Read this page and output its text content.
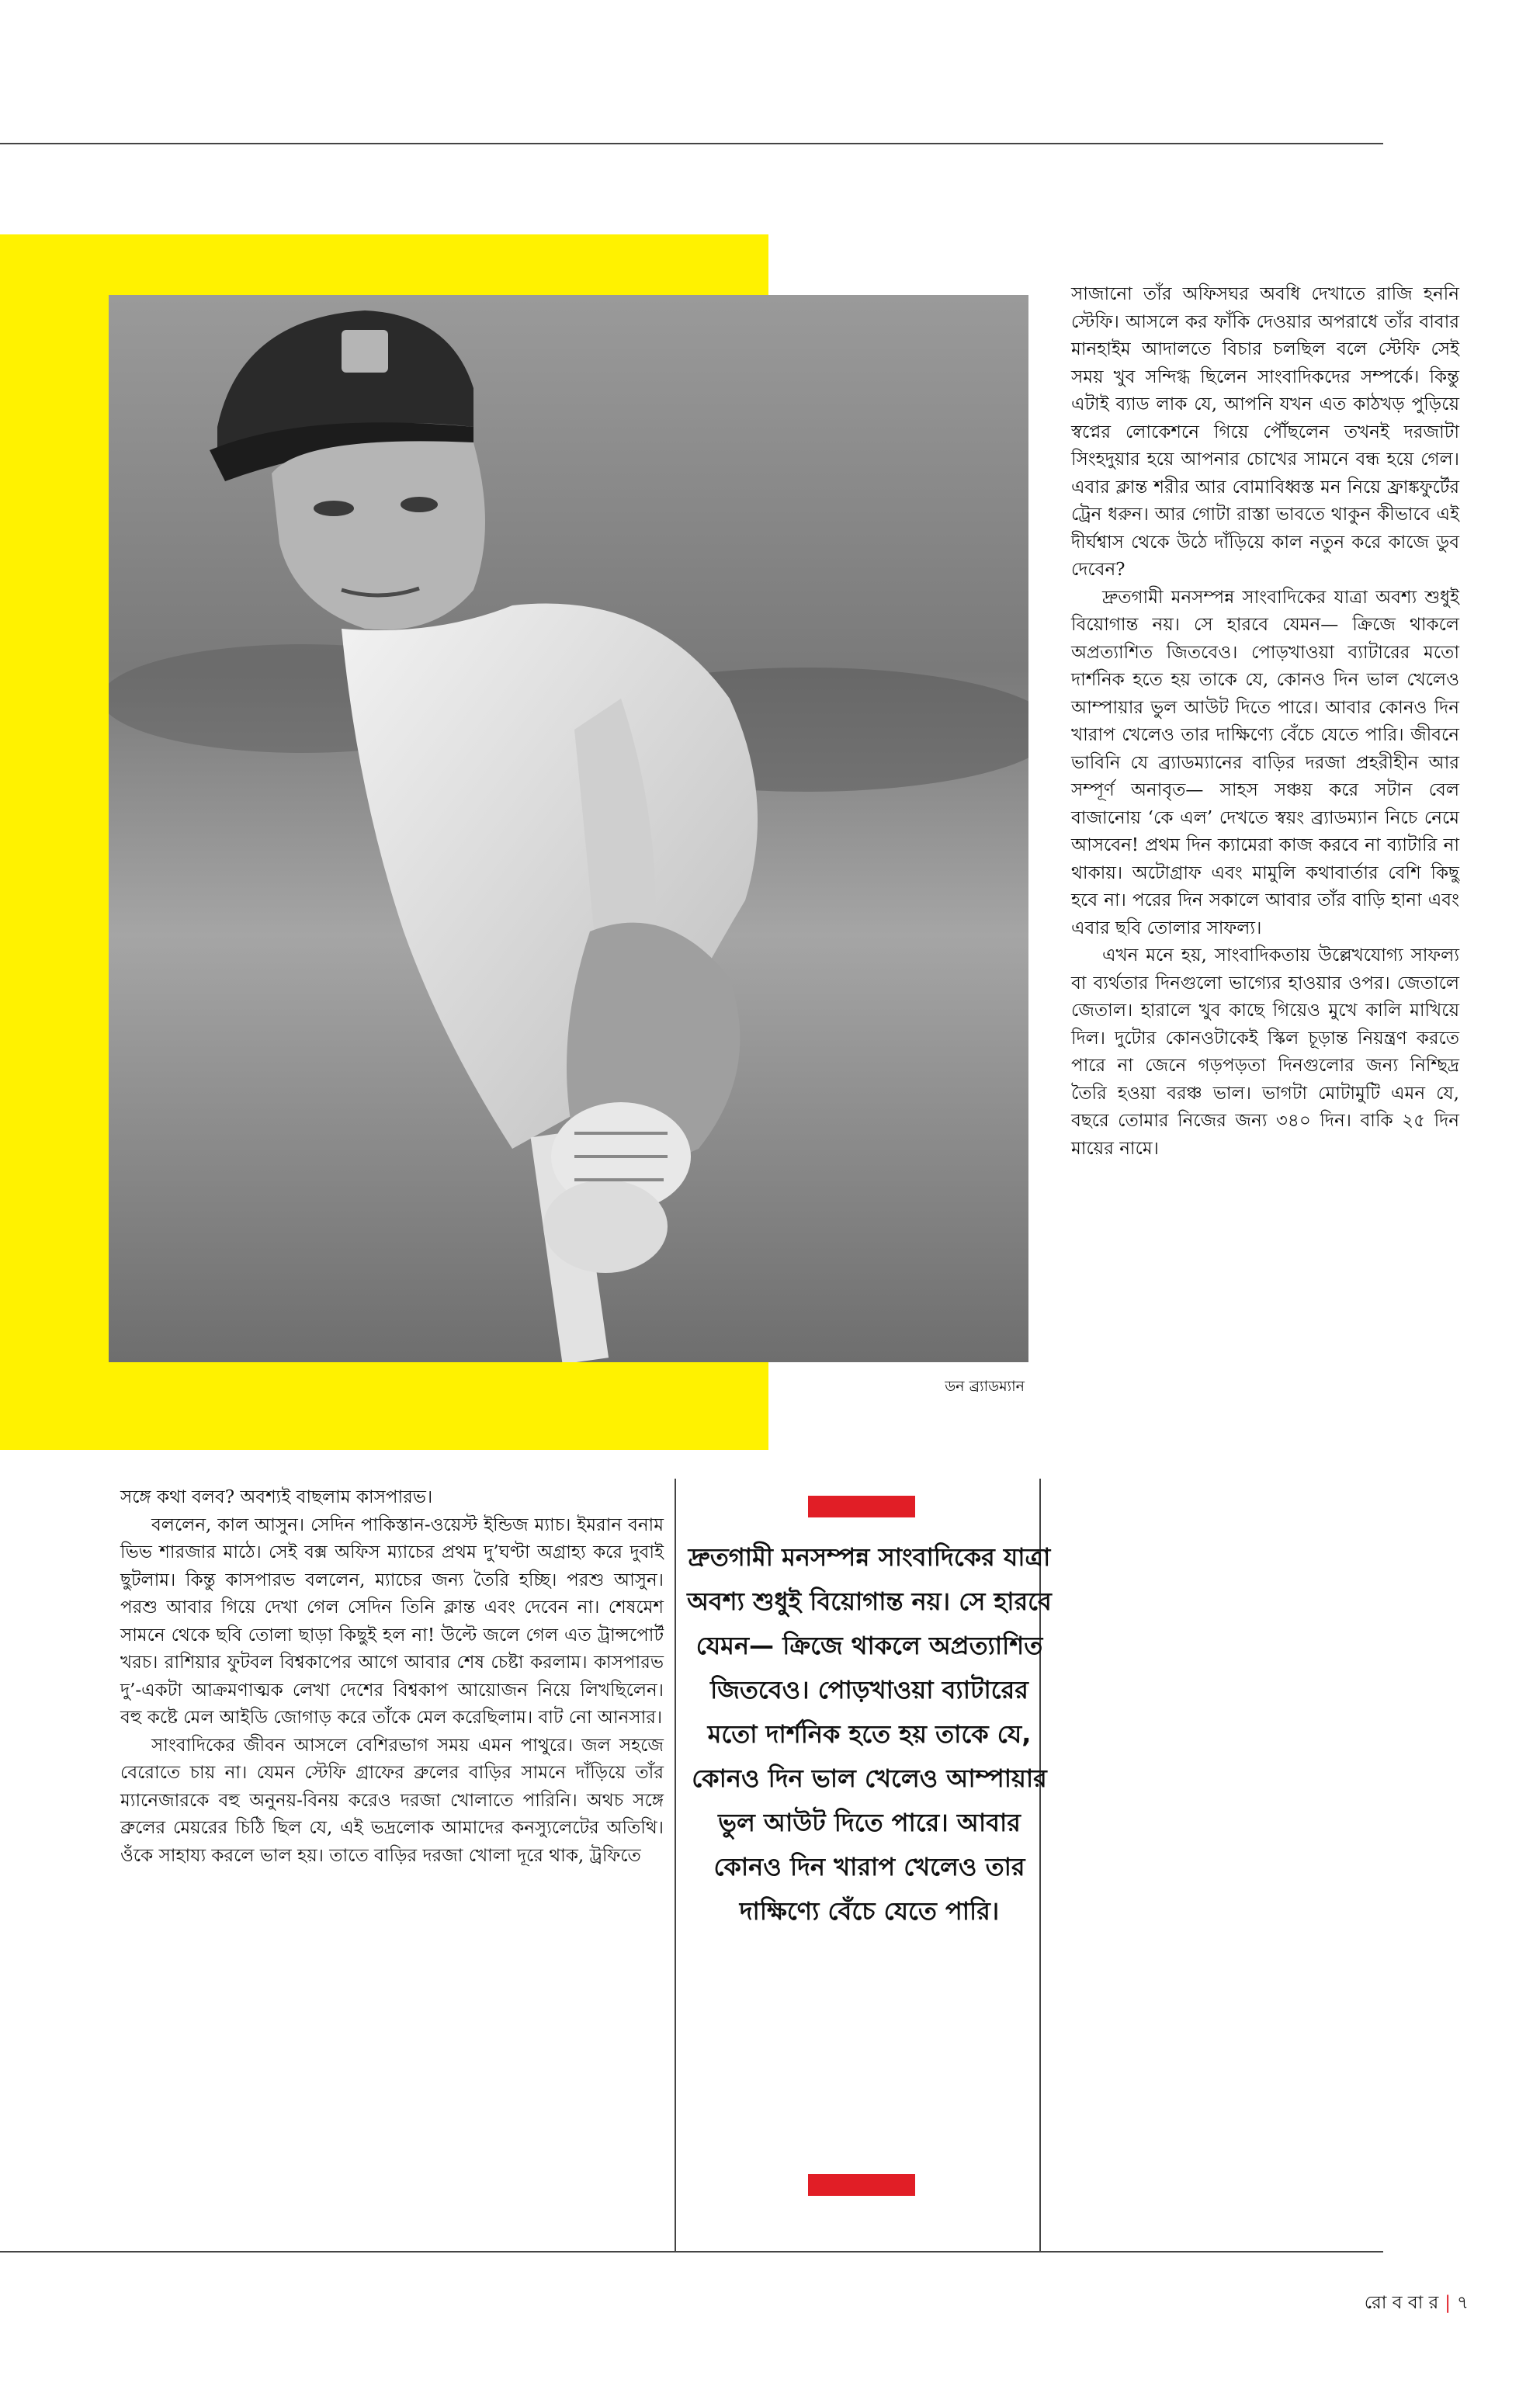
ডন ব্র্যাডম্যান

সাজানো তাঁর অফিসঘর অবধি দেখাতে রাজি হননি স্টেফি। আসলে কর ফাঁকি দেওয়ার অপরাধে তাঁর বাবার মানহাইম আদালতে বিচার চলছিল বলে স্টেফি সেই সময় খুব সন্দিগ্ধ ছিলেন সাংবাদিকদের সম্পর্কে। কিন্তু এটাই ব্যাড লাক যে, আপনি যখন এত কাঠখড় পুড়িয়ে স্বপ্নের লোকেশনে গিয়ে পৌঁছলেন তখনই দরজাটা সিংহদুয়ার হয়ে আপনার চোখের সামনে বন্ধ হয়ে গেল। এবার ক্লান্ত শরীর আর বোমাবিধ্বস্ত মন নিয়ে ফ্রাঙ্কফুর্টের ট্রেন ধরুন। আর গোটা রাস্তা ভাবতে থাকুন কীভাবে এই দীর্ঘশ্বাস থেকে উঠে দাঁড়িয়ে কাল নতুন করে কাজে ডুব দেবেন?

দ্রুতগামী মনসম্পন্ন সাংবাদিকের যাত্রা অবশ্য শুধুই বিয়োগান্ত নয়। সে হারবে যেমন— ক্রিজে থাকলে অপ্রত্যাশিত জিতবেও। পোড়খাওয়া ব্যাটারের মতো দার্শনিক হতে হয় তাকে যে, কোনও দিন ভাল খেলেও আম্পায়ার ভুল আউট দিতে পারে। আবার কোনও দিন খারাপ খেলেও তার দাক্ষিণ্যে বেঁচে যেতে পারি। জীবনে ভাবিনি যে ব্র্যাডম্যানের বাড়ির দরজা প্রহরীহীন আর সম্পূর্ণ অনাবৃত— সাহস সঞ্চয় করে সটান বেল বাজানোয় ‘কে এল’ দেখতে স্বয়ং ব্র্যাডম্যান নিচে নেমে আসবেন! প্রথম দিন ক্যামেরা কাজ করবে না ব্যাটারি না থাকায়। অটোগ্রাফ এবং মামুলি কথাবার্তার বেশি কিছু হবে না। পরের দিন সকালে আবার তাঁর বাড়ি হানা এবং এবার ছবি তোলার সাফল্য।

এখন মনে হয়, সাংবাদিকতায় উল্লেখযোগ্য সাফল্য বা ব্যর্থতার দিনগুলো ভাগ্যের হাওয়ার ওপর। জেতালে জেতাল। হারালে খুব কাছে গিয়েও মুখে কালি মাখিয়ে দিল। দুটোর কোনওটাকেই স্কিল চূড়ান্ত নিয়ন্ত্রণ করতে পারে না জেনে গড়পড়তা দিনগুলোর জন্য নিশ্ছিদ্র তৈরি হওয়া বরঞ্চ ভাল। ভাগটা মোটামুটি এমন যে, বছরে তোমার নিজের জন্য ৩৪০ দিন। বাকি ২৫ দিন মায়ের নামে।

সঙ্গে কথা বলব? অবশ্যই বাছলাম কাসপারভ।

বললেন, কাল আসুন। সেদিন পাকিস্তান-ওয়েস্ট ইন্ডিজ ম্যাচ। ইমরান বনাম ভিভ শারজার মাঠে। সেই বক্স অফিস ম্যাচের প্রথম দু’ঘণ্টা অগ্রাহ্য করে দুবাই ছুটলাম। কিন্তু কাসপারভ বললেন, ম্যাচের জন্য তৈরি হচ্ছি। পরশু আসুন। পরশু আবার গিয়ে দেখা গেল সেদিন তিনি ক্লান্ত এবং দেবেন না। শেষমেশ সামনে থেকে ছবি তোলা ছাড়া কিছুই হল না! উল্টে জলে গেল এত ট্রান্সপোর্ট খরচ। রাশিয়ার ফুটবল বিশ্বকাপের আগে আবার শেষ চেষ্টা করলাম। কাসপারভ দু’-একটা আক্রমণাত্মক লেখা দেশের বিশ্বকাপ আয়োজন নিয়ে লিখছিলেন। বহু কষ্টে মেল আইডি জোগাড় করে তাঁকে মেল করেছিলাম। বাট নো আনসার।

সাংবাদিকের জীবন আসলে বেশিরভাগ সময় এমন পাথুরে। জল সহজে বেরোতে চায় না। যেমন স্টেফি গ্রাফের ব্রুলের বাড়ির সামনে দাঁড়িয়ে তাঁর ম্যানেজারকে বহু অনুনয়-বিনয় করেও দরজা খোলাতে পারিনি। অথচ সঙ্গে ব্রুলের মেয়রের চিঠি ছিল যে, এই ভদ্রলোক আমাদের কনস্যুলেটের অতিথি। ওঁকে সাহায্য করলে ভাল হয়। তাতে বাড়ির দরজা খোলা দূরে থাক, ট্রফিতে

দ্রুতগামী মনসম্পন্ন সাংবাদিকের যাত্রা অবশ্য শুধুই বিয়োগান্ত নয়। সে হারবে যেমন— ক্রিজে থাকলে অপ্রত্যাশিত জিতবেও। পোড়খাওয়া ব্যাটারের মতো দার্শনিক হতে হয় তাকে যে, কোনও দিন ভাল খেলেও আম্পায়ার ভুল আউট দিতে পারে। আবার কোনও দিন খারাপ খেলেও তার দাক্ষিণ্যে বেঁচে যেতে পারি।
রো ব বা র | ৭
